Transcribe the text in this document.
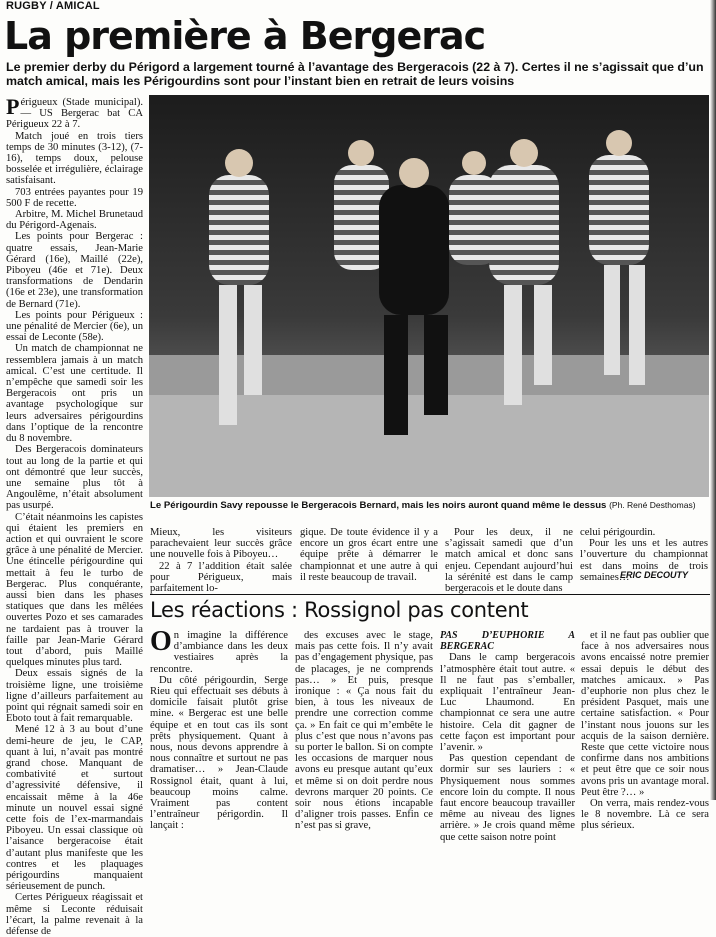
RUGBY / AMICAL
La première à Bergerac
Le premier derby du Périgord a largement tourné à l’avantage des Bergeracois (22 à 7). Certes il ne s’agissait que d’un match amical, mais les Périgourdins sont pour l’instant bien en retrait de leurs voisins

Périgueux (Stade municipal). — US Bergerac bat CA Périgueux 22 à 7.

Match joué en trois tiers temps de 30 minutes (3-12), (7-16), temps doux, pelouse bosselée et irrégulière, éclairage satisfaisant.

703 entrées payantes pour 19 500 F de recette.

Arbitre, M. Michel Brunetaud du Périgord-Agenais.

Les points pour Bergerac : quatre essais, Jean-Marie Gérard (16e), Maillé (22e), Piboyeu (46e et 71e). Deux transformations de Dendarin (16e et 23e), une transformation de Bernard (71e).

Les points pour Périgueux : une pénalité de Mercier (6e), un essai de Leconte (58e).

Un match de championnat ne ressemblera jamais à un match amical. C’est une certitude. Il n’empêche que samedi soir les Bergeracois ont pris un avantage psychologique sur leurs adversaires périgourdins dans l’optique de la rencontre du 8 novembre.

Des Bergeracois dominateurs tout au long de la partie et qui ont démontré que leur succès, une semaine plus tôt à Angoulême, n’était absolument pas usurpé.

C’était néanmoins les capistes qui étaient les premiers en action et qui ouvraient le score grâce à une pénalité de Mercier. Une étincelle périgourdine qui mettait à feu le turbo de Bergerac. Plus conquérante, aussi bien dans les phases statiques que dans les mêlées ouvertes Pozo et ses camarades ne tardaient pas à trouver la faille par Jean-Marie Gérard tout d’abord, puis Maillé quelques minutes plus tard.

Deux essais signés de la troisième ligne, une troisième ligne d’ailleurs parfaitement au point qui régnait samedi soir en Eboto tout à fait remarquable.

Mené 12 à 3 au bout d’une demi-heure de jeu, le CAP, quant à lui, n’avait pas montré grand chose. Manquant de combativité et surtout d’agressivité défensive, il encaissait même à la 46e minute un nouvel essai signé cette fois de l’ex-marmandais Piboyeu. Un essai classique où l’aisance bergeracoise était d’autant plus manifeste que les contres et les plaquages périgourdins manquaient sérieusement de punch.

Certes Périgueux réagissait et même si Leconte réduisait l’écart, la palme revenait à la défense de

Le Périgourdin Savy repousse le Bergeracois Bernard, mais les noirs auront quand même le dessus (Ph. René Desthomas)

Mieux, les visiteurs parachevaient leur succès grâce une nouvelle fois à Piboyeu…

22 à 7 l’addition était salée pour Périgueux, mais parfaitement lo-

gique. De toute évidence il y a encore un gros écart entre une équipe prête à démarrer le championnat et une autre à qui il reste beaucoup de travail.

Pour les deux, il ne s’agissait samedi que d’un match amical et donc sans enjeu. Cependant aujourd’hui la sérénité est dans le camp bergeracois et le doute dans

celui périgourdin.

Pour les uns et les autres l’ouverture du championnat est dans moins de trois semaines…

ERIC DECOUTY
Les réactions : Rossignol pas content

On imagine la différence d’ambiance dans les deux vestiaires après la rencontre.

Du côté périgourdin, Serge Rieu qui effectuait ses débuts à domicile faisait plutôt grise mine. « Bergerac est une belle équipe et en tout cas ils sont prêts physiquement. Quant à nous, nous devons apprendre à nous connaître et surtout ne pas dramatiser… » Jean-Claude Rossignol était, quant à lui, beaucoup moins calme. Vraiment pas content l’entraîneur périgordin. Il lançait :

des excuses avec le stage, mais pas cette fois. Il n’y avait pas d’engagement physique, pas de placages, je ne comprends pas… » Et puis, presque ironique : « Ça nous fait du bien, à tous les niveaux de prendre une correction comme ça. » En fait ce qui m’embête le plus c’est que nous n’avons pas su porter le ballon. Si on compte les occasions de marquer nous avons eu presque autant qu’eux et même si on doit perdre nous devrons marquer 20 points. Ce soir nous étions incapable d’aligner trois passes. Enfin ce n’est pas si grave,

PAS D’EUPHORIE A BERGERAC

Dans le camp bergeracois l’atmosphère était tout autre. « Il ne faut pas s’emballer, expliquait l’entraîneur Jean-Luc Lhaumond. En championnat ce sera une autre histoire. Cela dit gagner de cette façon est important pour l’avenir. »

Pas question cependant de dormir sur ses lauriers : « Physiquement nous sommes encore loin du compte. Il nous faut encore beaucoup travailler même au niveau des lignes arrière. » Je crois quand même que cette saison notre point

et il ne faut pas oublier que face à nos adversaires nous avons encaissé notre premier essai depuis le début des matches amicaux. » Pas d’euphorie non plus chez le président Pasquet, mais une certaine satisfaction. « Pour l’instant nous jouons sur les acquis de la saison dernière. Reste que cette victoire nous confirme dans nos ambitions et peut être que ce soir nous avons pris un avantage moral. Peut être ?… »

On verra, mais rendez-vous le 8 novembre. Là ce sera plus sérieux.
